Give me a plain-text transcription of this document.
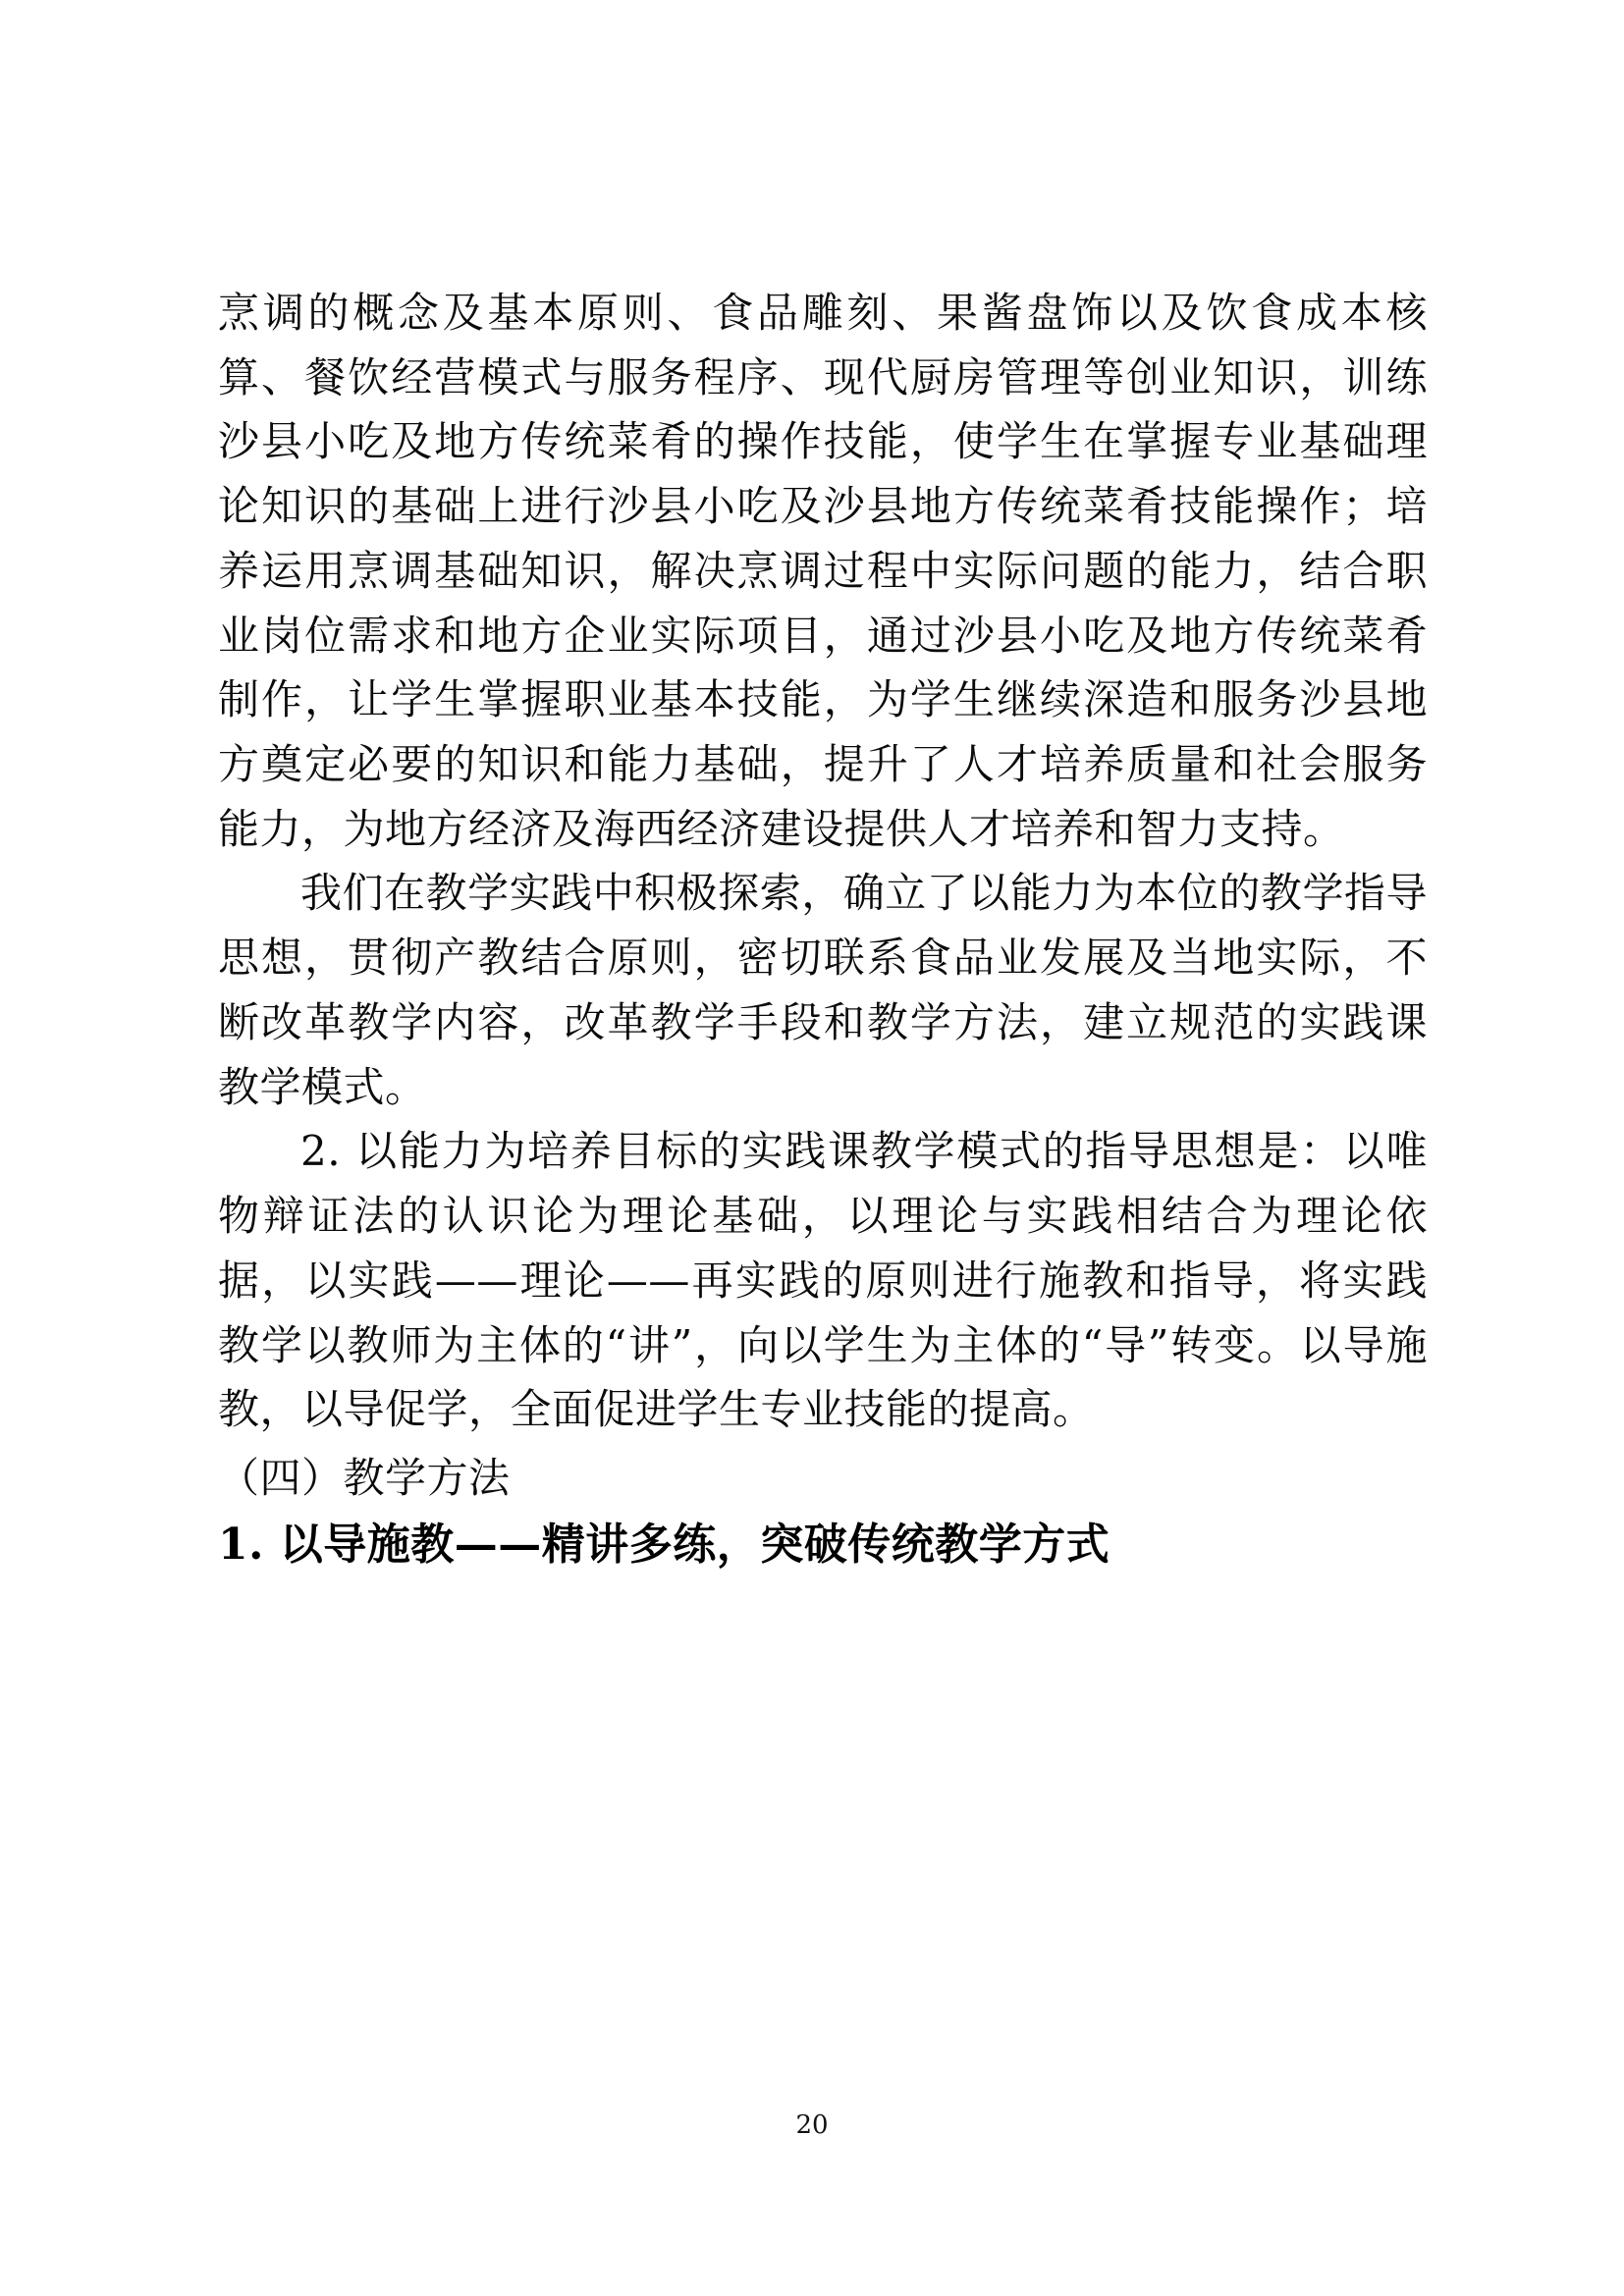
烹调的概念及基本原则、食品雕刻、果酱盘饰以及饮食成本核算、餐饮经营模式与服务程序、现代厨房管理等创业知识，训练沙县小吃及地方传统菜肴的操作技能，使学生在掌握专业基础理论知识的基础上进行沙县小吃及沙县地方传统菜肴技能操作；培养运用烹调基础知识，解决烹调过程中实际问题的能力，结合职业岗位需求和地方企业实际项目，通过沙县小吃及地方传统菜肴制作，让学生掌握职业基本技能，为学生继续深造和服务沙县地方奠定必要的知识和能力基础，提升了人才培养质量和社会服务能力，为地方经济及海西经济建设提供人才培养和智力支持。

我们在教学实践中积极探索，确立了以能力为本位的教学指导思想，贯彻产教结合原则，密切联系食品业发展及当地实际，不断改革教学内容，改革教学手段和教学方法，建立规范的实践课教学模式。

2. 以能力为培养目标的实践课教学模式的指导思想是：以唯物辩证法的认识论为理论基础，以理论与实践相结合为理论依据，以实践——理论——再实践的原则进行施教和指导，将实践教学以教师为主体的“讲”，向以学生为主体的“导”转变。以导施教，以导促学，全面促进学生专业技能的提高。

（四）教学方法

1. 以导施教——精讲多练，突破传统教学方式

20
